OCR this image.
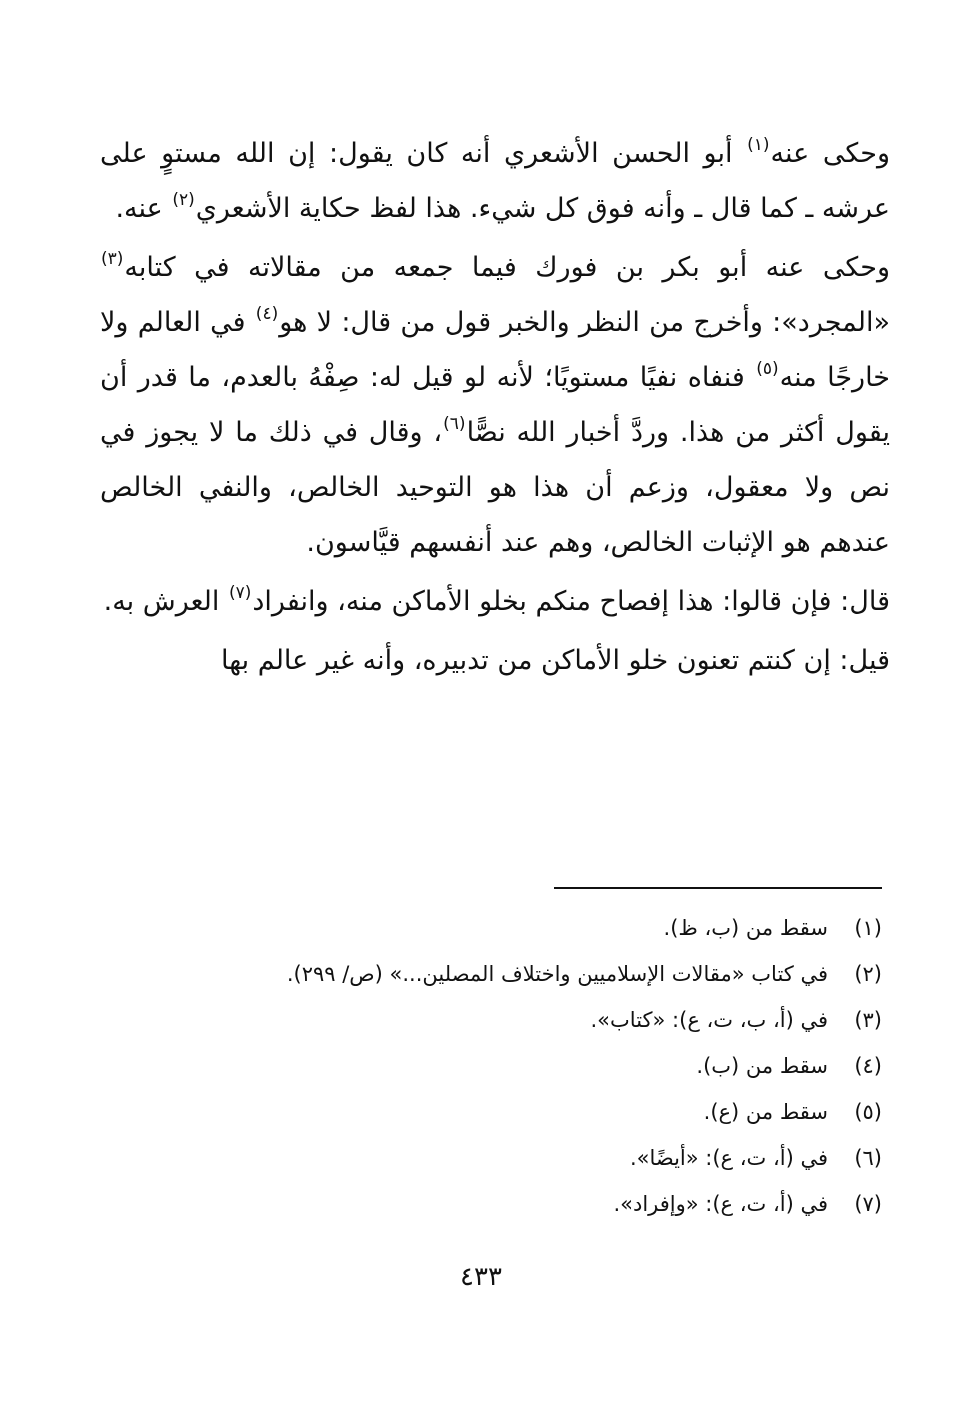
وحكى عنه$^{(١)}$ أبو الحسن الأشعري أنه كان يقول: إن الله مستوٍ على عرشه ـ كما قال ـ وأنه فوق كل شيء. هذا لفظ حكاية الأشعري$^{(٢)}$ عنه.

وحكى عنه أبو بكر بن فورك فيما جمعه من مقالاته في كتابه$^{(٣)}$ «المجرد»: وأخرج من النظر والخبر قول من قال: لا هو$^{(٤)}$ في العالم ولا خارجًا منه$^{(٥)}$ فنفاه نفيًا مستويًا؛ لأنه لو قيل له: صِفْهُ بالعدم، ما قدر أن يقول أكثر من هذا. وردَّ أخبار الله نصًّا$^{(٦)}$، وقال في ذلك ما لا يجوز في نص ولا معقول، وزعم أن هذا هو التوحيد الخالص، والنفي الخالص عندهم هو الإثبات الخالص، وهم عند أنفسهم قيَّاسون.

قال: فإن قالوا: هذا إفصاح منكم بخلو الأماكن منه، وانفراد$^{(٧)}$ العرش به.

قيل: إن كنتم تعنون خلو الأماكن من تدبيره، وأنه غير عالم بها

(١)سقط من (ب، ظ).
(٢)في كتاب «مقالات الإسلاميين واختلاف المصلين...» (ص/ ٢٩٩).
(٣)في (أ، ب، ت، ع): «كتاب».
(٤)سقط من (ب).
(٥)سقط من (ع).
(٦)في (أ، ت، ع): «أيضًا».
(٧)في (أ، ت، ع): «وإفراد».
٤٣٣
